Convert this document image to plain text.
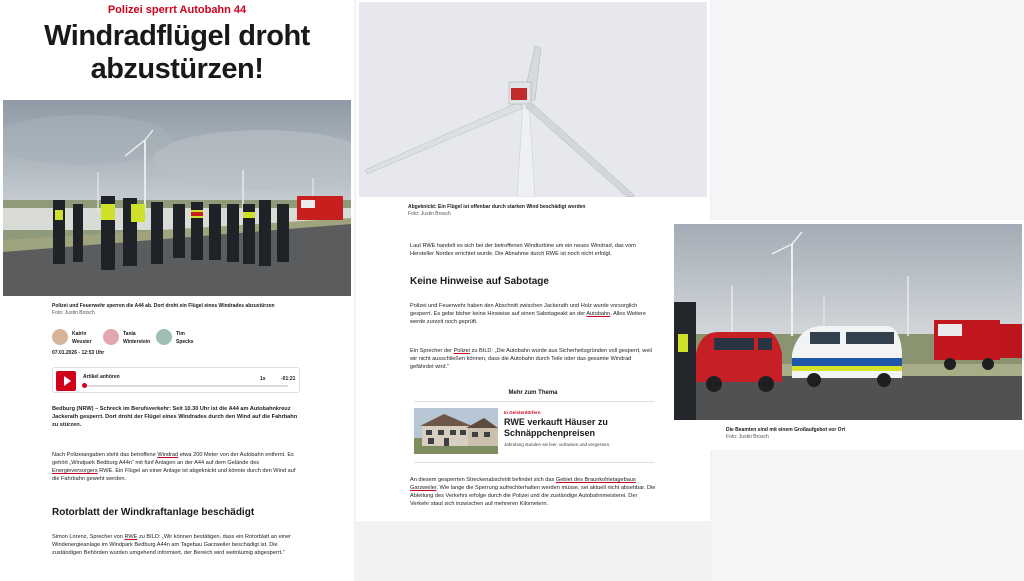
Polizei sperrt Autobahn 44
Windradflügel droht abzustürzen!
Polizei und Feuerwehr sperren die A44 ab. Dort droht ein Flügel eines Windrades abzustürzen
Foto: Justin Brosch
Katrin
Weuster
Tania
Winterstein
Tim
Specks
07.01.2026 - 12:53 Uhr
Artikel anhören	1x	-01:21

Bedburg (NRW) – Schreck im Berufsverkehr: Seit 10.30 Uhr ist die A44 am Autobahnkreuz Jackerath gesperrt. Dort droht der Flügel eines Windrades durch den Wind auf die Fahrbahn zu stürzen.

Nach Polizeiangaben steht das betroffene Windrad etwa 200 Meter von der Autobahn entfernt. Es gehört „Windpark Bedburg A44n“ mit fünf Anlagen an der A44 auf dem Gelände des Energieversorgers RWE. Ein Flügel an einer Anlage ist abgeknickt und könnte durch den Wind auf die Fahrbahn geweht werden.

Rotorblatt der Windkraftanlage beschädigt

Simon Lorenz, Sprecher von RWE zu BILD: „Wir können bestätigen, dass ein Rotorblatt an einer Windenergieanlage im Windpark Bedburg A44n am Tagebau Garzweiler beschädigt ist. Die zuständigen Behörden wurden umgehend informiert, der Bereich wird weiträumig abgesperrt.“

Abgeknickt: Ein Flügel ist offenbar durch starken Wind beschädigt worden
Foto: Justin Brosch

Laut RWE handelt es sich bei der betroffenen Windturbine um ein neues Windrad, das vom Hersteller Nordex errichtet wurde. Die Abnahme durch RWE ist noch nicht erfolgt.

Keine Hinweise auf Sabotage

Polizei und Feuerwehr haben den Abschnitt zwischen Jackerath und Holz wurde vorsorglich gesperrt. Es gebe bisher keine Hinweise auf einen Sabotageakt an der Autobahn. Alles Weitere werde zurzeit noch geprüft.

Ein Sprecher der Polizei zu BILD: „Die Autobahn wurde aus Sicherheitsgründen voll gesperrt, weil wir nicht ausschließen können, dass die Autobahn durch Teile oder das gesamte Windrad gefährdet wird.“

Mehr zum Thema
In Geisterdörfern
RWE verkauft Häuser zu Schnäppchenpreisen
Jahrelang standen sie leer, verlassen und vergessen.

An diesem gesperrten Streckenabschnitt befindet sich das Gebiet des Braunkohletagebaus Garzweiler. Wie lange die Sperrung aufrechterhalten werden müsse, sei aktuell nicht absehbar. Die Ableitung des Verkehrs erfolge durch die Polizei und die zuständige Autobahnmeisterei. Der Verkehr staut sich inzwischen auf mehreren Kilometern.

Die Beamten sind mit einem Großaufgebot vor Ort
Foto: Justin Brosch
